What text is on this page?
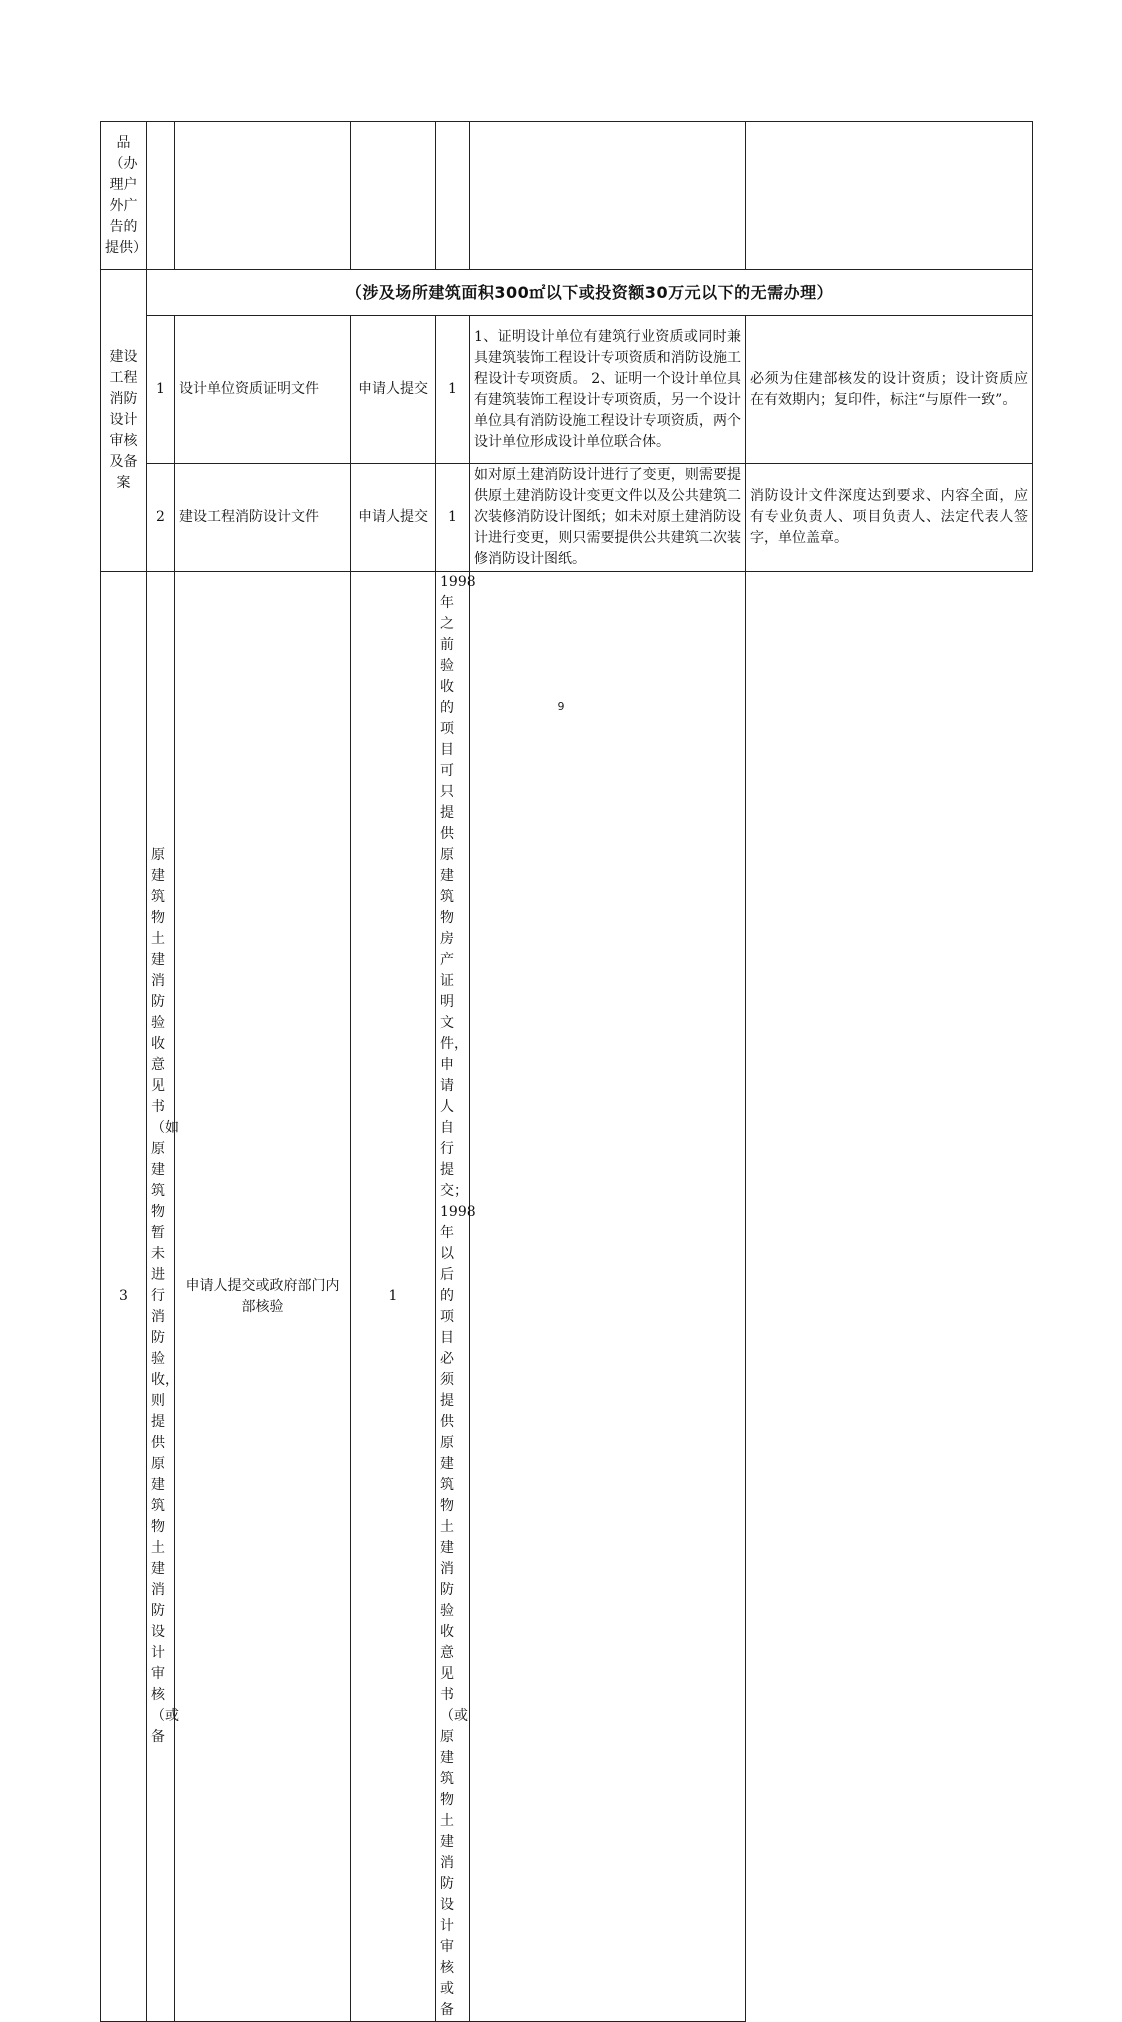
品（办理户外广告的提供）						
建设工程消防设计审核及备案	（涉及场所建筑面积300㎡以下或投资额30万元以下的无需办理）					
	1	设计单位资质证明文件	申请人提交	1	1、证明设计单位有建筑行业资质或同时兼具建筑装饰工程设计专项资质和消防设施工程设计专项资质。 2、证明一个设计单位具有建筑装饰工程设计专项资质，另一个设计单位具有消防设施工程设计专项资质，两个设计单位形成设计单位联合体。	必须为住建部核发的设计资质；设计资质应在有效期内；复印件，标注“与原件一致”。
	2	建设工程消防设计文件	申请人提交	1	如对原土建消防设计进行了变更，则需要提供原土建消防设计变更文件以及公共建筑二次装修消防设计图纸；如未对原土建消防设计进行变更，则只需要提供公共建筑二次装修消防设计图纸。	消防设计文件深度达到要求、内容全面，应有专业负责人、项目负责人、法定代表人签字，单位盖章。
3	原建筑物土建消防验收意见书（如原建筑物暂未进行消防验收，则提供原建筑物土建消防设计审核（或备	申请人提交或政府部门内部核验	1	1998 年之前验收的项目可只提供原建筑物房产证明文件，申请人自行提交；1998 年以后的项目必须提供原建筑物土建消防验收意见书（或原建筑物土建消防设计审核或备		
9
